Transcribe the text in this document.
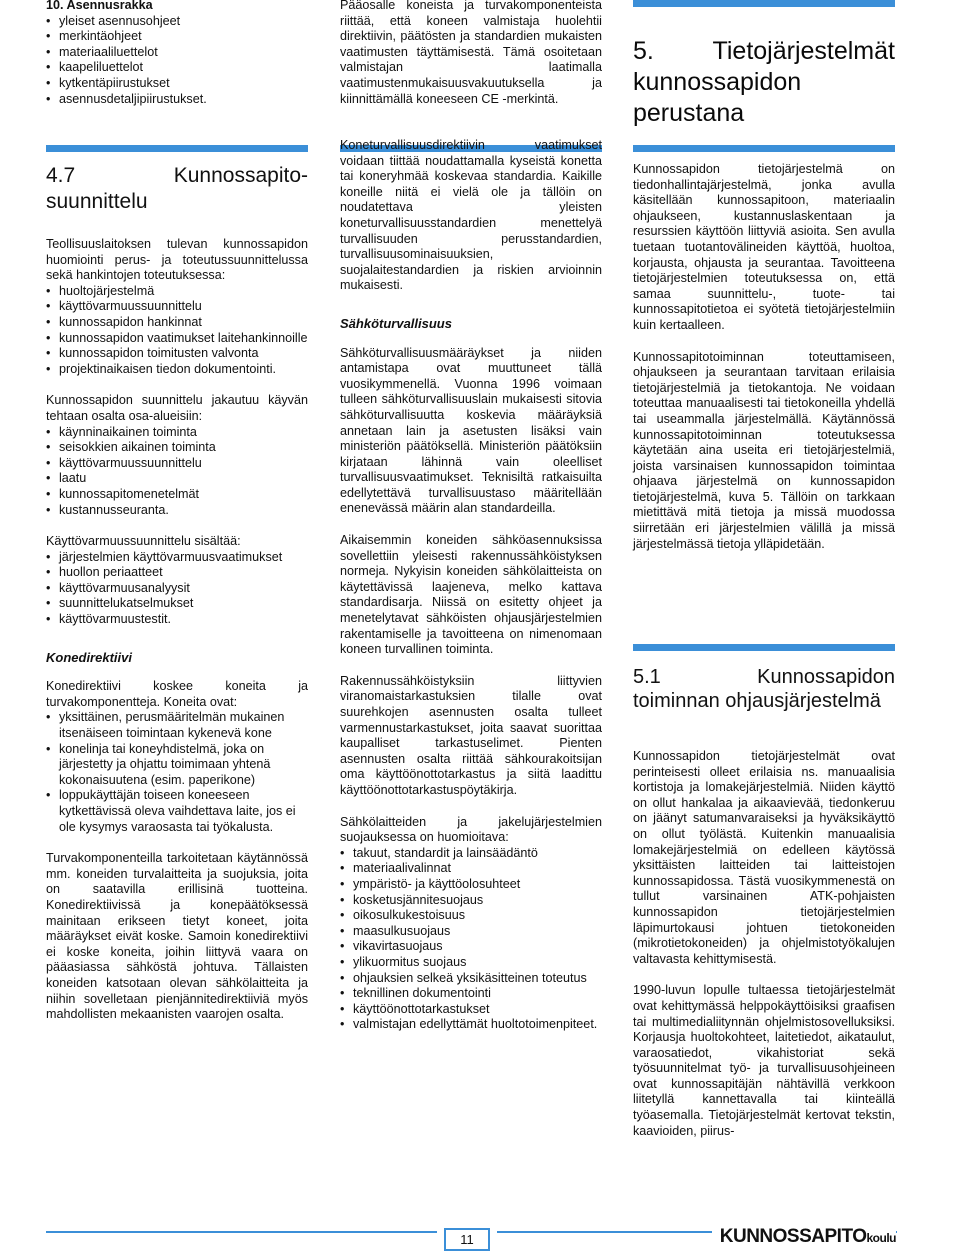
10. Asennusrakka

• yleiset asennusohjeet
• merkintäohjeet
• materiaaliluettelot
• kaapeliluettelot
• kytkentäpiirustukset
• asennusdetaljipiirustukset.
4.7 Kunnossapito-suunnittelu

Teollisuuslaitoksen tulevan kunnossapidon huomiointi perus- ja toteutussuunnittelussa sekä hankintojen toteutuksessa:

• huoltojärjestelmä
• käyttövarmuussuunnittelu
• kunnossapidon hankinnat
• kunnossapidon vaatimukset laitehankinnoille
• kunnossapidon toimitusten valvonta
• projektinaikaisen tiedon dokumentointi.

Kunnossapidon suunnittelu jakautuu käyvän tehtaan osalta osa-alueisiin:

• käynninaikainen toiminta
• seisokkien aikainen toiminta
• käyttövarmuussuunnittelu
• laatu
• kunnossapitomenetelmät
• kustannusseuranta.

Käyttövarmuussuunnittelu sisältää:

• järjestelmien käyttövarmuusvaatimukset
• huollon periaatteet
• käyttövarmuusanalyysit
• suunnittelukatselmukset
• käyttövarmuustestit.

Konedirektiivi

Konedirektiivi koskee koneita ja turvakomponentteja. Koneita ovat:

• yksittäinen, perusmääritelmän mukainen itsenäiseen toimintaan kykenevä kone
• konelinja tai koneyhdistelmä, joka on järjestetty ja ohjattu toimimaan yhtenä kokonaisuutena (esim. paperikone)
• loppukäyttäjän toiseen koneeseen kytkettävissä oleva vaihdettava laite, jos ei ole kysymys varaosasta tai työkalusta.

Turvakomponenteilla tarkoitetaan käytännössä mm. koneiden turvalaitteita ja suojuksia, joita on saatavilla erillisinä tuotteina. Konedirektiivissä ja konepäätöksessä mainitaan erikseen tietyt koneet, joita määräykset eivät koske. Samoin konedirektiivi ei koske koneita, joihin liittyvä vaara on pääasiassa sähköstä johtuva. Tällaisten koneiden katsotaan olevan sähkölaitteita ja niihin sovelletaan pienjännitedirektiiviä myös mahdollisten mekaanisten vaarojen osalta.

Pääosalle koneista ja turvakomponenteista riittää, että koneen valmistaja huolehtii direktiivin, päätösten ja standardien mukaisten vaatimusten täyttämisestä. Tämä osoitetaan valmistajan laatimalla vaatimustenmukaisuusvakuutuksella ja kiinnittämällä koneeseen CE -merkintä.

Koneturvallisuusdirektiivin vaatimukset voidaan tiittää noudattamalla kyseistä konetta tai koneryhmää koskevaa standardia. Kaikille koneille niitä ei vielä ole ja tällöin on noudatettava yleisten koneturvallisuusstandardien menettelyä turvallisuuden perusstandardien, turvallisuusominaisuuksien, suojalaitestandardien ja riskien arvioinnin mukaisesti.

Sähköturvallisuus

Sähköturvallisuusmääräykset ja niiden antamistapa ovat muuttuneet tällä vuosikymmenellä. Vuonna 1996 voimaan tulleen sähköturvallisuuslain mukaisesti sitovia sähköturvallisuutta koskevia määräyksiä annetaan lain ja asetusten lisäksi vain ministeriön päätöksellä. Ministeriön päätöksiin kirjataan lähinnä vain oleelliset turvallisuusvaatimukset. Teknisiltä ratkaisuilta edellytettävä turvallisuustaso määritellään enenevässä määrin alan standardeilla.

Aikaisemmin koneiden sähköasennuksissa sovellettiin yleisesti rakennussähköistyksen normeja. Nykyisin koneiden sähkölaitteista on käytettävissä laajeneva, melko kattava standardisarja. Niissä on esitetty ohjeet ja menetelytavat sähköisten ohjausjärjestelmien rakentamiselle ja tavoitteena on nimenomaan koneen turvallinen toiminta.

Rakennussähköistyksiin liittyvien viranomaistarkastuksien tilalle ovat suurehkojen asennusten osalta tulleet varmennustarkastukset, joita saavat suorittaa kaupalliset tarkastuselimet. Pienten asennusten osalta riittää sähkourakoitsijan oma käyttöönottotarkastus ja siitä laadittu käyttöönottotarkastuspöytäkirja.

Sähkölaitteiden ja jakelujärjestelmien suojauksessa on huomioitava:

• takuut, standardit ja lainsäädäntö
• materiaalivalinnat
• ympäristö- ja käyttöolosuhteet
• kosketusjännitesuojaus
• oikosulkukestoisuus
• maasulkusuojaus
• vikavirtasuojaus
• ylikuormitus suojaus
• ohjauksien selkeä yksikäsitteinen toteutus
• teknillinen dokumentointi
• käyttöönottotarkastukset
• valmistajan edellyttämät huoltotoimenpiteet.
5. Tietojärjestelmät kunnossapidon perustana

Kunnossapidon tietojärjestelmä on tiedonhallintajärjestelmä, jonka avulla käsitellään kunnossapitoon, materiaalin ohjaukseen, kustannuslaskentaan ja resurssien käyttöön liittyviä asioita. Sen avulla tuetaan tuotantovälineiden käyttöä, huoltoa, korjausta, ohjausta ja seurantaa. Tavoitteena tietojärjestelmien toteutuksessa on, että samaa suunnittelu-, tuote- tai kunnossapitotietoa ei syötetä tietojärjestelmiin kuin kertaalleen.

Kunnossapitotoiminnan toteuttamiseen, ohjaukseen ja seurantaan tarvitaan erilaisia tietojärjestelmiä ja tietokantoja. Ne voidaan toteuttaa manuaalisesti tai tietokoneilla yhdellä tai useammalla järjestelmällä. Käytännössä kunnossapitotoiminnan toteutuksessa käytetään aina useita eri tietojärjestelmiä, joista varsinaisen kunnossapidon toimintaa ohjaava järjestelmä on kunnossapidon tietojärjestelmä, kuva 5. Tällöin on tarkkaan mietittävä mitä tietoja ja missä muodossa siirretään eri järjestelmien välillä ja missä järjestelmässä tietoja ylläpidetään.

5.1 Kunnossapidon toiminnan ohjausjärjestelmä

Kunnossapidon tietojärjestelmät ovat perinteisesti olleet erilaisia ns. manuaalisia kortistoja ja lomakejärjestelmiä. Niiden käyttö on ollut hankalaa ja aikaavievää, tiedonkeruu on jäänyt satumanvaraiseksi ja hyväksikäyttö on ollut työlästä. Kuitenkin manuaalisia lomakejärjestelmiä on edelleen käytössä yksittäisten laitteiden tai laitteistojen kunnossapidossa. Tästä vuosikymmenestä on tullut varsinainen ATK-pohjaisten kunnossapidon tietojärjestelmien läpimurtokausi johtuen tietokoneiden (mikrotietokoneiden) ja ohjelmistotyökalujen valtavasta kehittymisestä.

1990-luvun lopulle tultaessa tietojärjestelmät ovat kehittymässä helppokäyttöisiksi graafisen tai multimedialiitynnän ohjelmistosovelluksiksi. Korjausja huoltokohteet, laitetiedot, aikataulut, varaosatiedot, vikahistoriat sekä työsuunnitelmat työ- ja turvallisuusohjeineen ovat kunnossapitäjän nähtävillä verkkoon liitetyllä kannettavalla tai kiinteällä työasemalla. Tietojärjestelmät kertovat tekstin, kaavioiden, piirus-

11	KUNNOSSAPITOkoulu
